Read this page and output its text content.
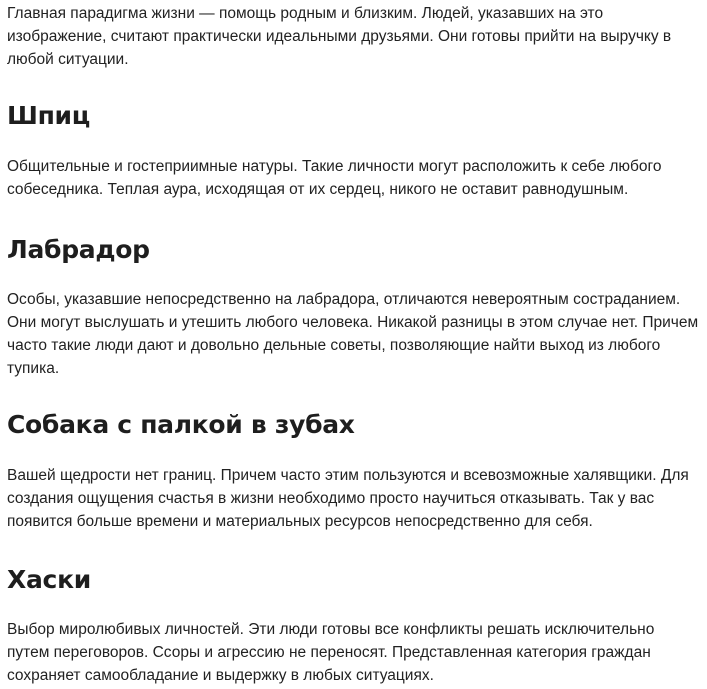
Главная парадигма жизни — помощь родным и близким. Людей, указавших на это изображение, считают практически идеальными друзьями. Они готовы прийти на выручку в любой ситуации.

Шпиц

Общительные и гостеприимные натуры. Такие личности могут расположить к себе любого собеседника. Теплая аура, исходящая от их сердец, никого не оставит равнодушным.

Лабрадор

Особы, указавшие непосредственно на лабрадора, отличаются невероятным состраданием. Они могут выслушать и утешить любого человека. Никакой разницы в этом случае нет. Причем часто такие люди дают и довольно дельные советы, позволяющие найти выход из любого тупика.

Собака с палкой в зубах

Вашей щедрости нет границ. Причем часто этим пользуются и всевозможные халявщики. Для создания ощущения счастья в жизни необходимо просто научиться отказывать. Так у вас появится больше времени и материальных ресурсов непосредственно для себя.

Хаски

Выбор миролюбивых личностей. Эти люди готовы все конфликты решать исключительно путем переговоров. Ссоры и агрессию не переносят. Представленная категория граждан сохраняет самообладание и выдержку в любых ситуациях.
